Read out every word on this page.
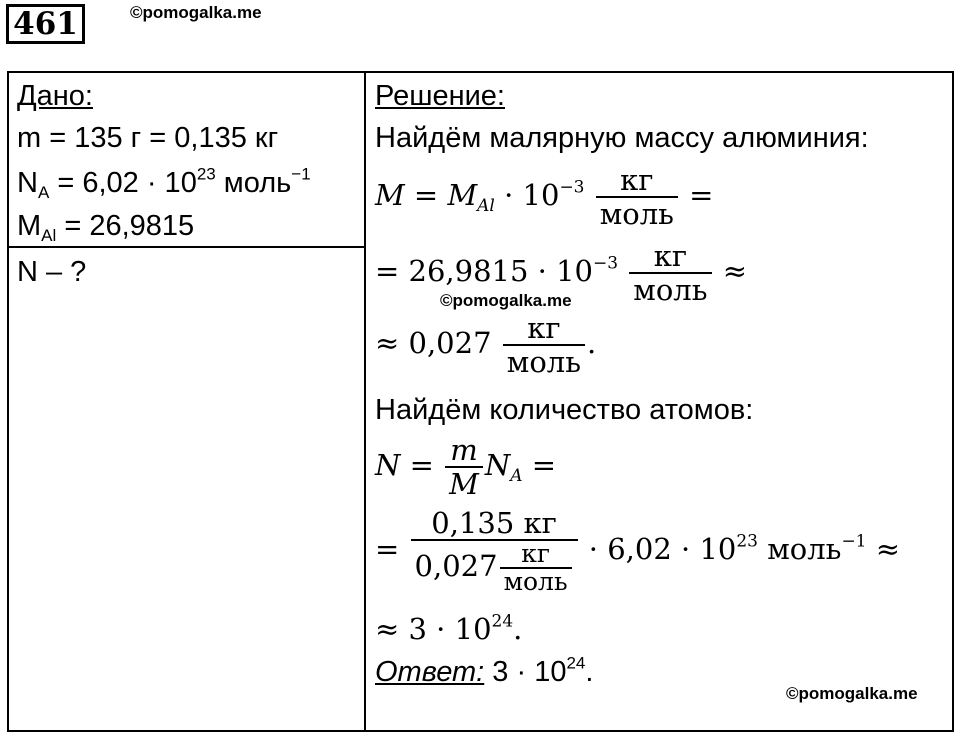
461	©pomogalka.me
Дано:
m = 135 г = 0,135 кг
$N_A = 6,02 \cdot 10^{23}$ моль$^{-1}$
$M_{Al} = 26,9815$
N – ?
Решение:
Найдём малярную массу алюминия:
$M = M_{Al} \cdot 10^{-3}$	кг
моль
=
= $26,9815 \cdot 10^{-3}$	кг
моль
≈
©pomogalka.me
≈ 0,027	кг
моль
.
Найдём количество атомов:
$N = \frac{m}{M} N_A$ =
=
0,135 кг
0,027 кг
моль
· $6,02 \cdot 10^{23}$ моль$^{-1}$ ≈
≈ $3 \cdot 10^{24}$.
Ответ: $3 \cdot 10^{24}$.
©pomogalka.me
